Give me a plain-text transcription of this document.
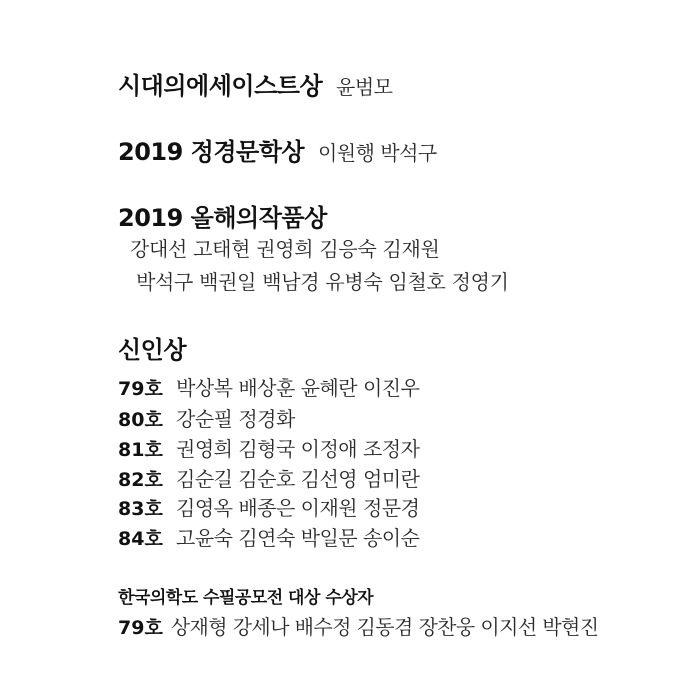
시대의에세이스트상 윤범모
2019 정경문학상 이원행 박석구
2019 올해의작품상
강대선 고태현 권영희 김응숙 김재원
박석구 백권일 백남경 유병숙 임철호 정영기
신인상
79호 박상복 배상훈 윤혜란 이진우
80호 강순필 정경화
81호 권영희 김형국 이정애 조정자
82호 김순길 김순호 김선영 엄미란
83호 김영옥 배종은 이재원 정문경
84호 고윤숙 김연숙 박일문 송이순
한국의학도 수필공모전 대상 수상자
79호 상재형 강세나 배수정 김동겸 장찬웅 이지선 박현진
